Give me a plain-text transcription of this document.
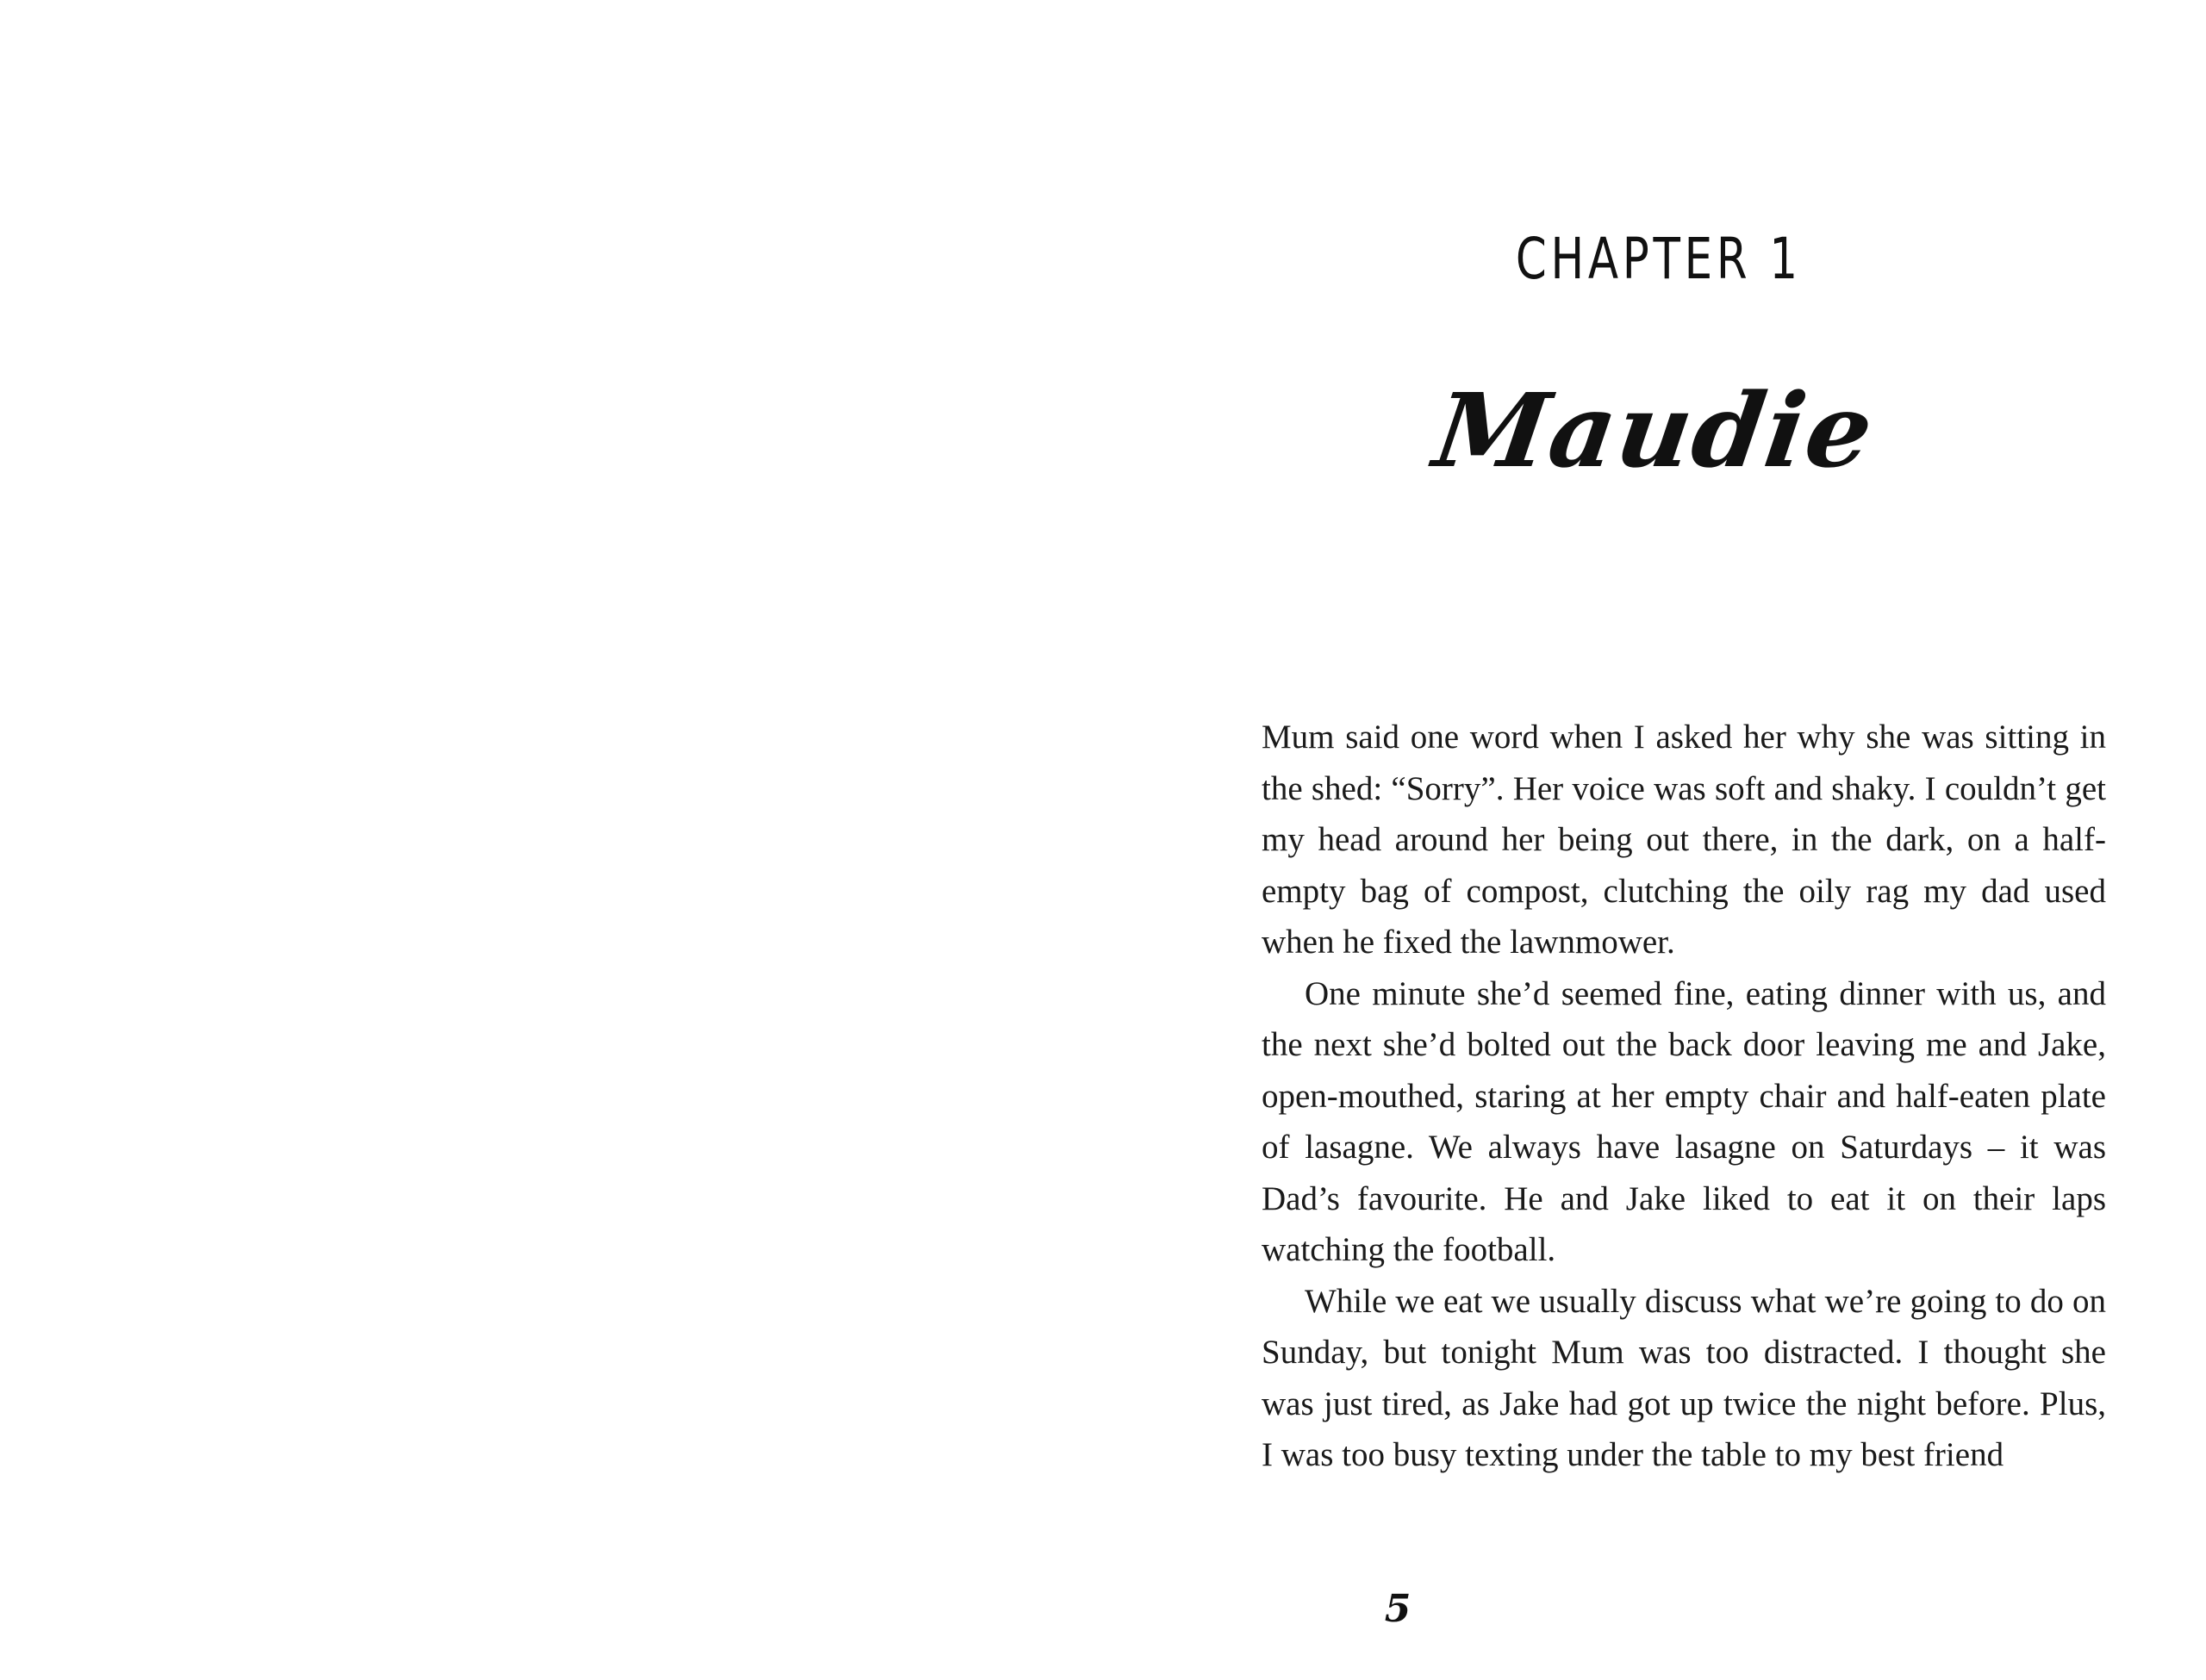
CHAPTER 1
Maudie

Mum said one word when I asked her why she was sitting in the shed: “Sorry”. Her voice was soft and shaky. I couldn’t get my head around her being out there, in the dark, on a half-empty bag of compost, clutching the oily rag my dad used when he fixed the lawnmower.

One minute she’d seemed fine, eating dinner with us, and the next she’d bolted out the back door leaving me and Jake, open-mouthed, staring at her empty chair and half-eaten plate of lasagne. We always have lasagne on Saturdays – it was Dad’s favourite. He and Jake liked to eat it on their laps watching the football.

While we eat we usually discuss what we’re going to do on Sunday, but tonight Mum was too distracted. I thought she was just tired, as Jake had got up twice the night before. Plus, I was too busy texting under the table to my best friend

5
